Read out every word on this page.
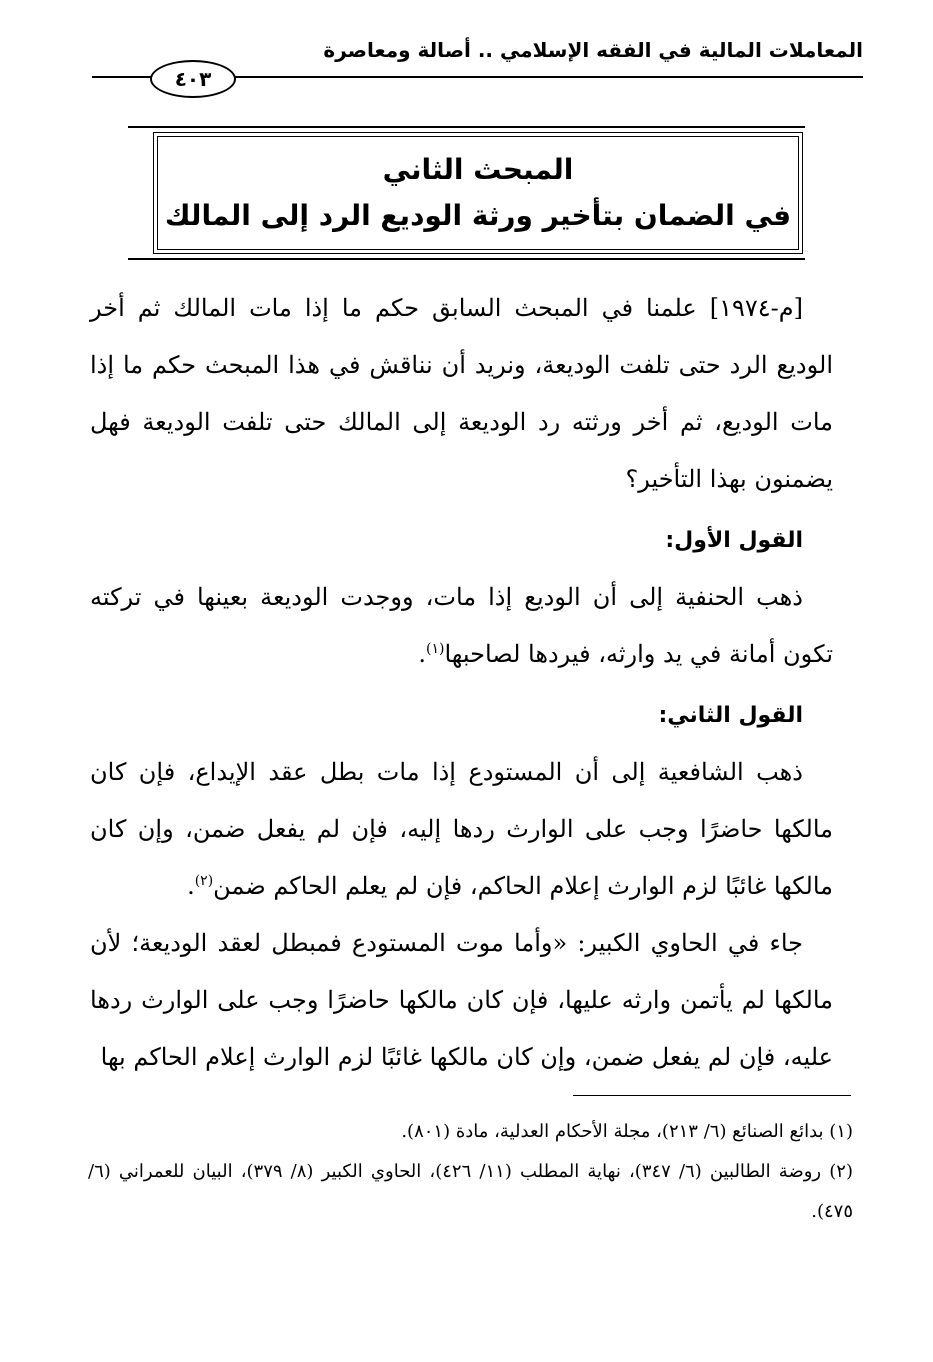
المعاملات المالية في الفقه الإسلامي .. أصالة ومعاصرة
٤٠٣
المبحث الثاني
في الضمان بتأخير ورثة الوديع الرد إلى المالك

[م-١٩٧٤] علمنا في المبحث السابق حكم ما إذا مات المالك ثم أخر الوديع الرد حتى تلفت الوديعة، ونريد أن نناقش في هذا المبحث حكم ما إذا مات الوديع، ثم أخر ورثته رد الوديعة إلى المالك حتى تلفت الوديعة فهل يضمنون بهذا التأخير؟

القول الأول:

ذهب الحنفية إلى أن الوديع إذا مات، ووجدت الوديعة بعينها في تركته تكون أمانة في يد وارثه، فيردها لصاحبها$^{(١)}$.

القول الثاني:

ذهب الشافعية إلى أن المستودع إذا مات بطل عقد الإيداع، فإن كان مالكها حاضرًا وجب على الوارث ردها إليه، فإن لم يفعل ضمن، وإن كان مالكها غائبًا لزم الوارث إعلام الحاكم، فإن لم يعلم الحاكم ضمن$^{(٢)}$.

جاء في الحاوي الكبير: «وأما موت المستودع فمبطل لعقد الوديعة؛ لأن مالكها لم يأتمن وارثه عليها، فإن كان مالكها حاضرًا وجب على الوارث ردها عليه، فإن لم يفعل ضمن، وإن كان مالكها غائبًا لزم الوارث إعلام الحاكم بها

(١) بدائع الصنائع (٦/ ٢١٣)، مجلة الأحكام العدلية، مادة (٨٠١).

(٢) روضة الطالبين (٦/ ٣٤٧)، نهاية المطلب (١١/ ٤٢٦)، الحاوي الكبير (٨/ ٣٧٩)، البيان للعمراني (٦/ ٤٧٥).
